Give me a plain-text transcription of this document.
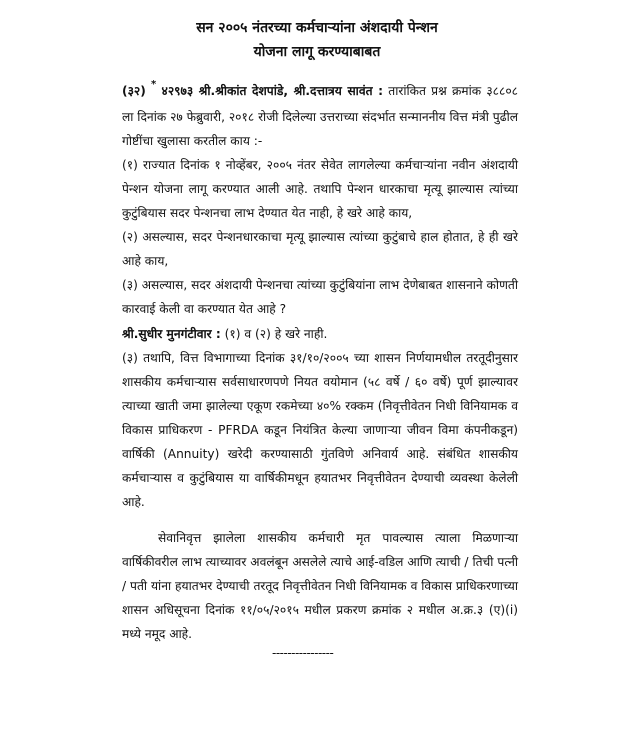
सन २००५ नंतरच्या कर्मचाऱ्यांना अंशदायी पेन्शन
योजना लागू करण्याबाबत

(३२) * ४२९७३ श्री.श्रीकांत देशपांडे, श्री.दत्तात्रय सावंत : तारांकित प्रश्न क्रमांक ३८८०८ ला दिनांक २७ फेब्रुवारी, २०१८ रोजी दिलेल्या उत्तराच्या संदर्भात सन्माननीय वित्त मंत्री पुढील गोष्टींचा खुलासा करतील काय :-

(१) राज्यात दिनांक १ नोव्हेंबर, २००५ नंतर सेवेत लागलेल्या कर्मचाऱ्यांना नवीन अंशदायी पेन्शन योजना लागू करण्यात आली आहे. तथापि पेन्शन धारकाचा मृत्यू झाल्यास त्यांच्या कुटुंबियास सदर पेन्शनचा लाभ देण्यात येत नाही, हे खरे आहे काय,

(२) असल्यास, सदर पेन्शनधारकाचा मृत्यू झाल्यास त्यांच्या कुटुंबाचे हाल होतात, हे ही खरे आहे काय,

(३) असल्यास, सदर अंशदायी पेन्शनचा त्यांच्या कुटुंबियांना लाभ देणेबाबत शासनाने कोणती कारवाई केली वा करण्यात येत आहे ?

श्री.सुधीर मुनगंटीवार : (१) व (२) हे खरे नाही.

(३) तथापि, वित्त विभागाच्या दिनांक ३१/१०/२००५ च्या शासन निर्णयामधील तरतूदीनुसार शासकीय कर्मचाऱ्यास सर्वसाधारणपणे नियत वयोमान (५८ वर्षे / ६० वर्षे) पूर्ण झाल्यावर त्याच्या खाती जमा झालेल्या एकूण रकमेच्या ४०% रक्कम (निवृत्तीवेतन निधी विनियामक व विकास प्राधिकरण - PFRDA कडून नियंत्रित केल्या जाणाऱ्या जीवन विमा कंपनीकडून) वार्षिकी (Annuity) खरेदी करण्यासाठी गुंतविणे अनिवार्य आहे. संबंधित शासकीय कर्मचाऱ्यास व कुटुंबियास या वार्षिकीमधून हयातभर निवृत्तीवेतन देण्याची व्यवस्था केलेली आहे.

सेवानिवृत्त झालेला शासकीय कर्मचारी मृत पावल्यास त्याला मिळणाऱ्या वार्षिकीवरील लाभ त्याच्यावर अवलंबून असलेले त्याचे आई-वडिल आणि त्याची / तिची पत्नी / पती यांना हयातभर देण्याची तरतूद निवृत्तीवेतन निधी विनियामक व विकास प्राधिकरणाच्या शासन अधिसूचना दिनांक ११/०५/२०१५ मधील प्रकरण क्रमांक २ मधील अ.क्र.३ (ए)(i) मध्ये नमूद आहे.

----------------
